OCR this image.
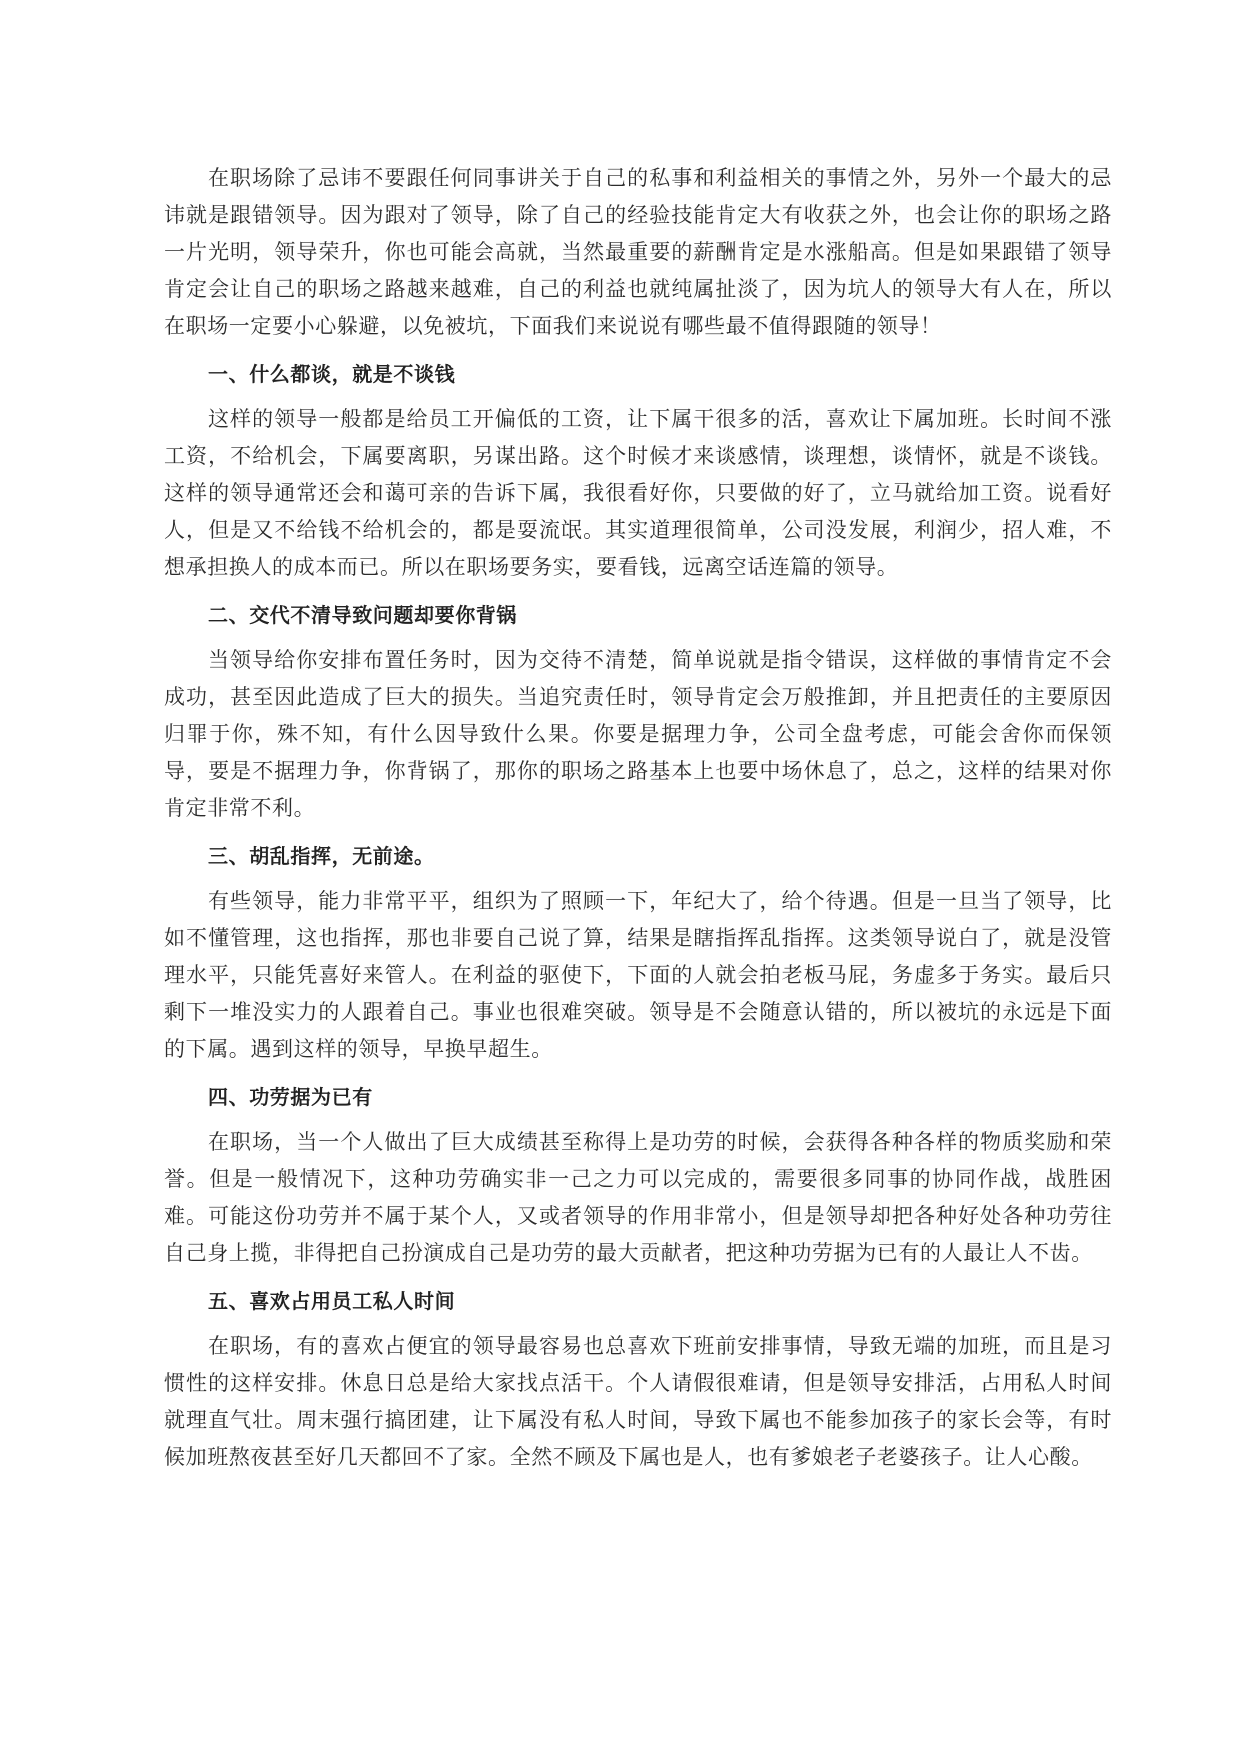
在职场除了忌讳不要跟任何同事讲关于自己的私事和利益相关的事情之外，另外一个最大的忌讳就是跟错领导。因为跟对了领导，除了自己的经验技能肯定大有收获之外，也会让你的职场之路一片光明，领导荣升，你也可能会高就，当然最重要的薪酬肯定是水涨船高。但是如果跟错了领导肯定会让自己的职场之路越来越难，自己的利益也就纯属扯淡了，因为坑人的领导大有人在，所以在职场一定要小心躲避，以免被坑，下面我们来说说有哪些最不值得跟随的领导！

一、什么都谈，就是不谈钱

这样的领导一般都是给员工开偏低的工资，让下属干很多的活，喜欢让下属加班。长时间不涨工资，不给机会，下属要离职，另谋出路。这个时候才来谈感情，谈理想，谈情怀，就是不谈钱。这样的领导通常还会和蔼可亲的告诉下属，我很看好你，只要做的好了，立马就给加工资。说看好人，但是又不给钱不给机会的，都是耍流氓。其实道理很简单，公司没发展，利润少，招人难，不想承担换人的成本而已。所以在职场要务实，要看钱，远离空话连篇的领导。

二、交代不清导致问题却要你背锅

当领导给你安排布置任务时，因为交待不清楚，简单说就是指令错误，这样做的事情肯定不会成功，甚至因此造成了巨大的损失。当追究责任时，领导肯定会万般推卸，并且把责任的主要原因归罪于你，殊不知，有什么因导致什么果。你要是据理力争，公司全盘考虑，可能会舍你而保领导，要是不据理力争，你背锅了，那你的职场之路基本上也要中场休息了，总之，这样的结果对你肯定非常不利。

三、胡乱指挥，无前途。

有些领导，能力非常平平，组织为了照顾一下，年纪大了，给个待遇。但是一旦当了领导，比如不懂管理，这也指挥，那也非要自己说了算，结果是瞎指挥乱指挥。这类领导说白了，就是没管理水平，只能凭喜好来管人。在利益的驱使下，下面的人就会拍老板马屁，务虚多于务实。最后只剩下一堆没实力的人跟着自己。事业也很难突破。领导是不会随意认错的，所以被坑的永远是下面的下属。遇到这样的领导，早换早超生。

四、功劳据为已有

在职场，当一个人做出了巨大成绩甚至称得上是功劳的时候，会获得各种各样的物质奖励和荣誉。但是一般情况下，这种功劳确实非一己之力可以完成的，需要很多同事的协同作战，战胜困难。可能这份功劳并不属于某个人，又或者领导的作用非常小，但是领导却把各种好处各种功劳往自己身上揽，非得把自己扮演成自己是功劳的最大贡献者，把这种功劳据为已有的人最让人不齿。

五、喜欢占用员工私人时间

在职场，有的喜欢占便宜的领导最容易也总喜欢下班前安排事情，导致无端的加班，而且是习惯性的这样安排。休息日总是给大家找点活干。个人请假很难请，但是领导安排活，占用私人时间就理直气壮。周末强行搞团建，让下属没有私人时间，导致下属也不能参加孩子的家长会等，有时候加班熬夜甚至好几天都回不了家。全然不顾及下属也是人，也有爹娘老子老婆孩子。让人心酸。
